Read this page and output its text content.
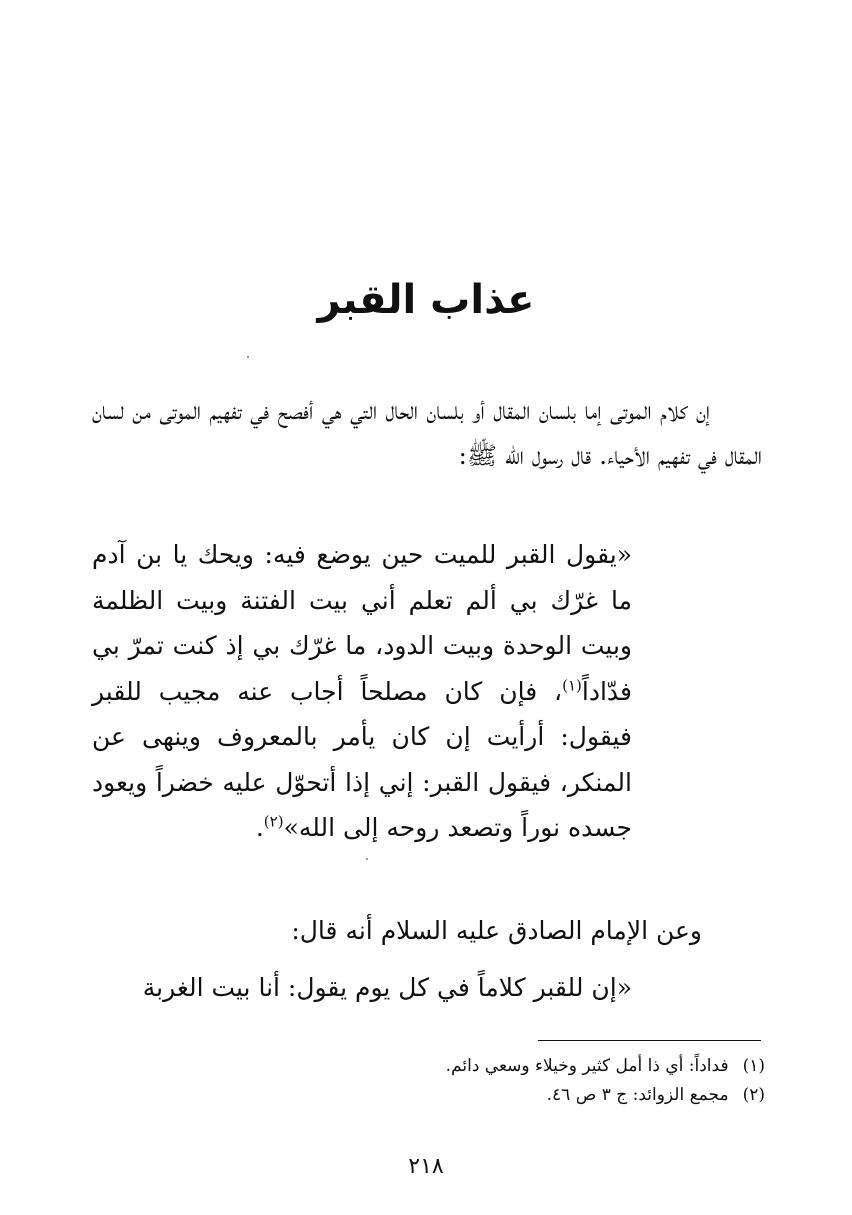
عذاب القبر

إن كلام الموتى إما بلسان المقال أو بلسان الحال التي هي أفصح في تفهيم الموتى من لسان المقال في تفهيم الأحياء. قال رسول الله ﷺ:

«يقول القبر للميت حين يوضع فيه: ويحك يا بن آدم ما غرّك بي ألم تعلم أني بيت الفتنة وبيت الظلمة وبيت الوحدة وبيت الدود، ما غرّك بي إذ كنت تمرّ بي فدّاداً$^{(١)}$، فإن كان مصلحاً أجاب عنه مجيب للقبر فيقول: أرأيت إن كان يأمر بالمعروف وينهى عن المنكر، فيقول القبر: إني إذا أتحوّل عليه خضراً ويعود جسده نوراً وتصعد روحه إلى الله»$^{(٢)}$.

وعن الإمام الصادق عليه السلام أنه قال:

«إن للقبر كلاماً في كل يوم يقول: أنا بيت الغربة

(١)فداداً: أي ذا أمل كثير وخيلاء وسعي دائم.
(٢)مجمع الزوائد: ج ٣ ص ٤٦.
٢١٨
